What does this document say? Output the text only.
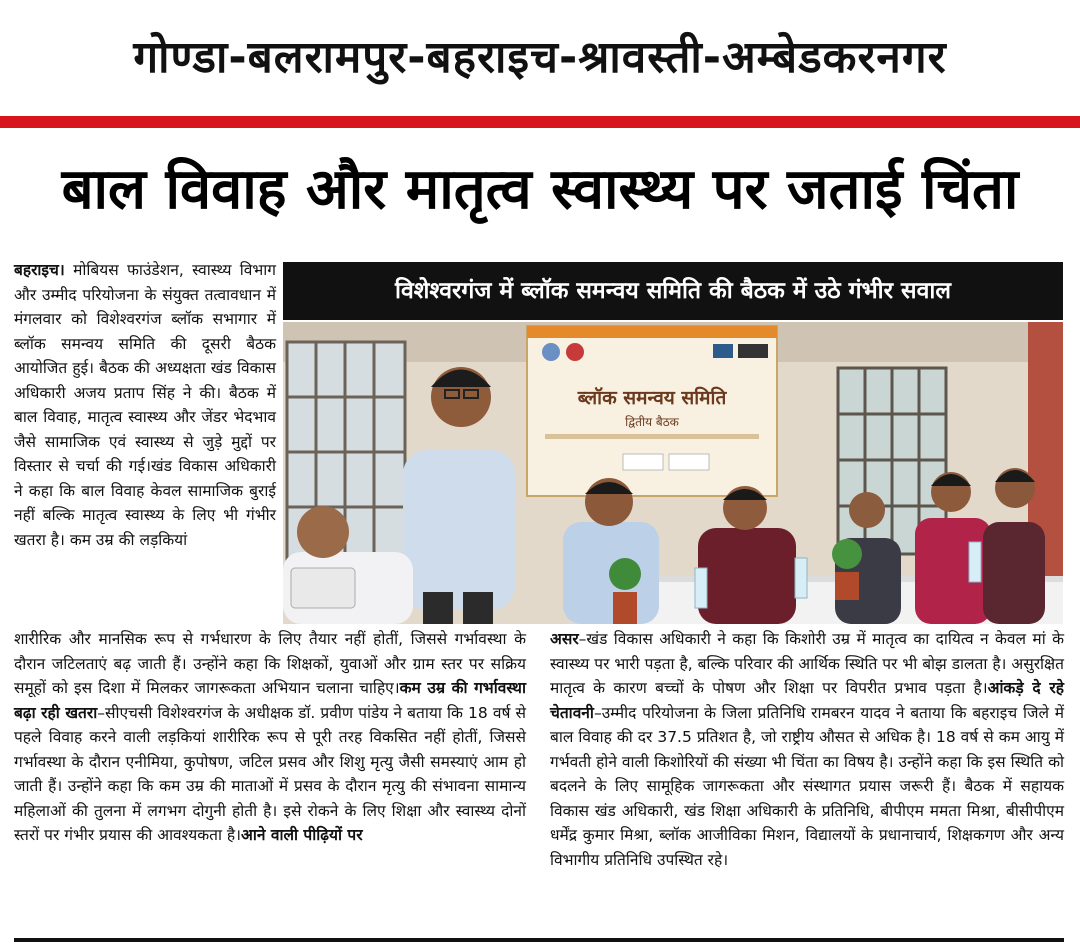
गोण्डा-बलरामपुर-बहराइच-श्रावस्ती-अम्बेडकरनगर
बाल विवाह और मातृत्व स्वास्थ्य पर जताई चिंता

बहराइच। मोबियस फाउंडेशन, स्वास्थ्य विभाग और उम्मीद परियोजना के संयुक्त तत्वावधान में मंगलवार को विशेश्वरगंज ब्लॉक सभागार में ब्लॉक समन्वय समिति की दूसरी बैठक आयोजित हुई। बैठक की अध्यक्षता खंड विकास अधिकारी अजय प्रताप सिंह ने की। बैठक में बाल विवाह, मातृत्व स्वास्थ्य और जेंडर भेदभाव जैसे सामाजिक एवं स्वास्थ्य से जुड़े मुद्दों पर विस्तार से चर्चा की गई।खंड विकास अधिकारी ने कहा कि बाल विवाह केवल सामाजिक बुराई नहीं बल्कि मातृत्व स्वास्थ्य के लिए भी गंभीर खतरा है। कम उम्र की लड़कियां

विशेश्वरगंज में ब्लॉक समन्वय समिति की बैठक में उठे गंभीर सवाल
ब्लॉक समन्वय समिति
द्वितीय बैठक

शारीरिक और मानसिक रूप से गर्भधारण के लिए तैयार नहीं होतीं, जिससे गर्भावस्था के दौरान जटिलताएं बढ़ जाती हैं। उन्होंने कहा कि शिक्षकों, युवाओं और ग्राम स्तर पर सक्रिय समूहों को इस दिशा में मिलकर जागरूकता अभियान चलाना चाहिए।कम उम्र की गर्भावस्था बढ़ा रही खतरा–सीएचसी विशेश्वरगंज के अधीक्षक डॉ. प्रवीण पांडेय ने बताया कि 18 वर्ष से पहले विवाह करने वाली लड़कियां शारीरिक रूप से पूरी तरह विकसित नहीं होतीं, जिससे गर्भावस्था के दौरान एनीमिया, कुपोषण, जटिल प्रसव और शिशु मृत्यु जैसी समस्याएं आम हो जाती हैं। उन्होंने कहा कि कम उम्र की माताओं में प्रसव के दौरान मृत्यु की संभावना सामान्य महिलाओं की तुलना में लगभग दोगुनी होती है। इसे रोकने के लिए शिक्षा और स्वास्थ्य दोनों स्तरों पर गंभीर प्रयास की आवश्यकता है।आने वाली पीढ़ियों पर

असर–खंड विकास अधिकारी ने कहा कि किशोरी उम्र में मातृत्व का दायित्व न केवल मां के स्वास्थ्य पर भारी पड़ता है, बल्कि परिवार की आर्थिक स्थिति पर भी बोझ डालता है। असुरक्षित मातृत्व के कारण बच्चों के पोषण और शिक्षा पर विपरीत प्रभाव पड़ता है।आंकड़े दे रहे चेतावनी–उम्मीद परियोजना के जिला प्रतिनिधि रामबरन यादव ने बताया कि बहराइच जिले में बाल विवाह की दर 37.5 प्रतिशत है, जो राष्ट्रीय औसत से अधिक है। 18 वर्ष से कम आयु में गर्भवती होने वाली किशोरियों की संख्या भी चिंता का विषय है। उन्होंने कहा कि इस स्थिति को बदलने के लिए सामूहिक जागरूकता और संस्थागत प्रयास जरूरी हैं। बैठक में सहायक विकास खंड अधिकारी, खंड शिक्षा अधिकारी के प्रतिनिधि, बीपीएम ममता मिश्रा, बीसीपीएम धर्मेंद्र कुमार मिश्रा, ब्लॉक आजीविका मिशन, विद्यालयों के प्रधानाचार्य, शिक्षकगण और अन्य विभागीय प्रतिनिधि उपस्थित रहे।
